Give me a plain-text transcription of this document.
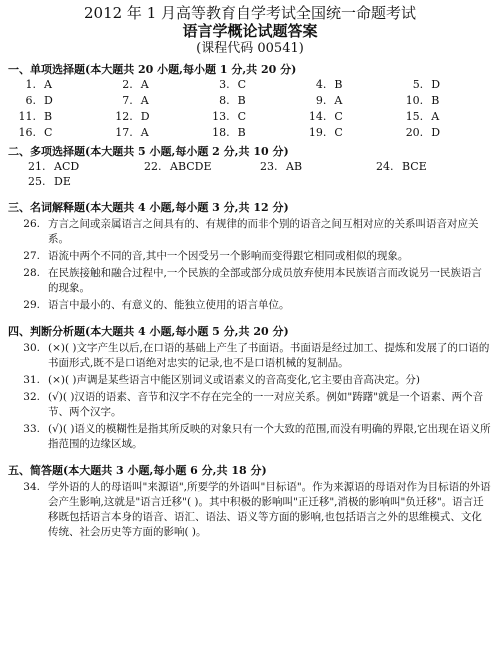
2012 年 1 月高等教育自学考试全国统一命题考试
语言学概论试题答案
(课程代码 00541)
一、单项选择题(本大题共 20 小题,每小题 1 分,共 20 分)
1. A	2. A	3. C	4. B	5. D
6. D	7. A	8. B	9. A	10. B
11. B	12. D	13. C	14. C	15. A
16. C	17. A	18. B	19. C	20. D
二、多项选择题(本大题共 5 小题,每小题 2 分,共 10 分)
21. ACD	22. ABCDE	23. AB	24. BCE
25. DE
三、名词解释题(本大题共 4 小题,每小题 3 分,共 12 分)
26. 方言之间或亲属语言之间具有的、有规律的而非个别的语音之间互相对应的关系叫语音对应关系。
27. 语流中两个不同的音,其中一个因受另一个影响而变得跟它相同或相似的现象。
28. 在民族接触和融合过程中,一个民族的全部或部分成员放弃使用本民族语言而改说另一民族语言的现象。
29. 语言中最小的、有意义的、能独立使用的语言单位。
四、判断分析题(本大题共 4 小题,每小题 5 分,共 20 分)
30. (×)( )文字产生以后,在口语的基础上产生了书面语。书面语是经过加工、提炼和发展了的口语的书面形式,既不是口语绝对忠实的记录,也不是口语机械的复制品。
31. (×)( )声调是某些语言中能区别词义或语素义的音高变化,它主要由音高决定。分)
32. (√)( )汉语的语素、音节和汉字不存在完全的一一对应关系。例如"踌躇"就是一个语素、两个音节、两个汉字。
33. (√)( )语义的模糊性是指其所反映的对象只有一个大致的范围,而没有明确的界限,它出现在语义所指范围的边缘区域。
五、简答题(本大题共 3 小题,每小题 6 分,共 18 分)
34. 学外语的人的母语叫"来源语",所要学的外语叫"目标语"。作为来源语的母语对作为目标语的外语会产生影响,这就是"语言迁移"( )。其中积极的影响叫"正迁移",消极的影响叫"负迁移"。语言迁移既包括语言本身的语音、语汇、语法、语义等方面的影响,也包括语言之外的思维模式、文化传统、社会历史等方面的影响( )。
